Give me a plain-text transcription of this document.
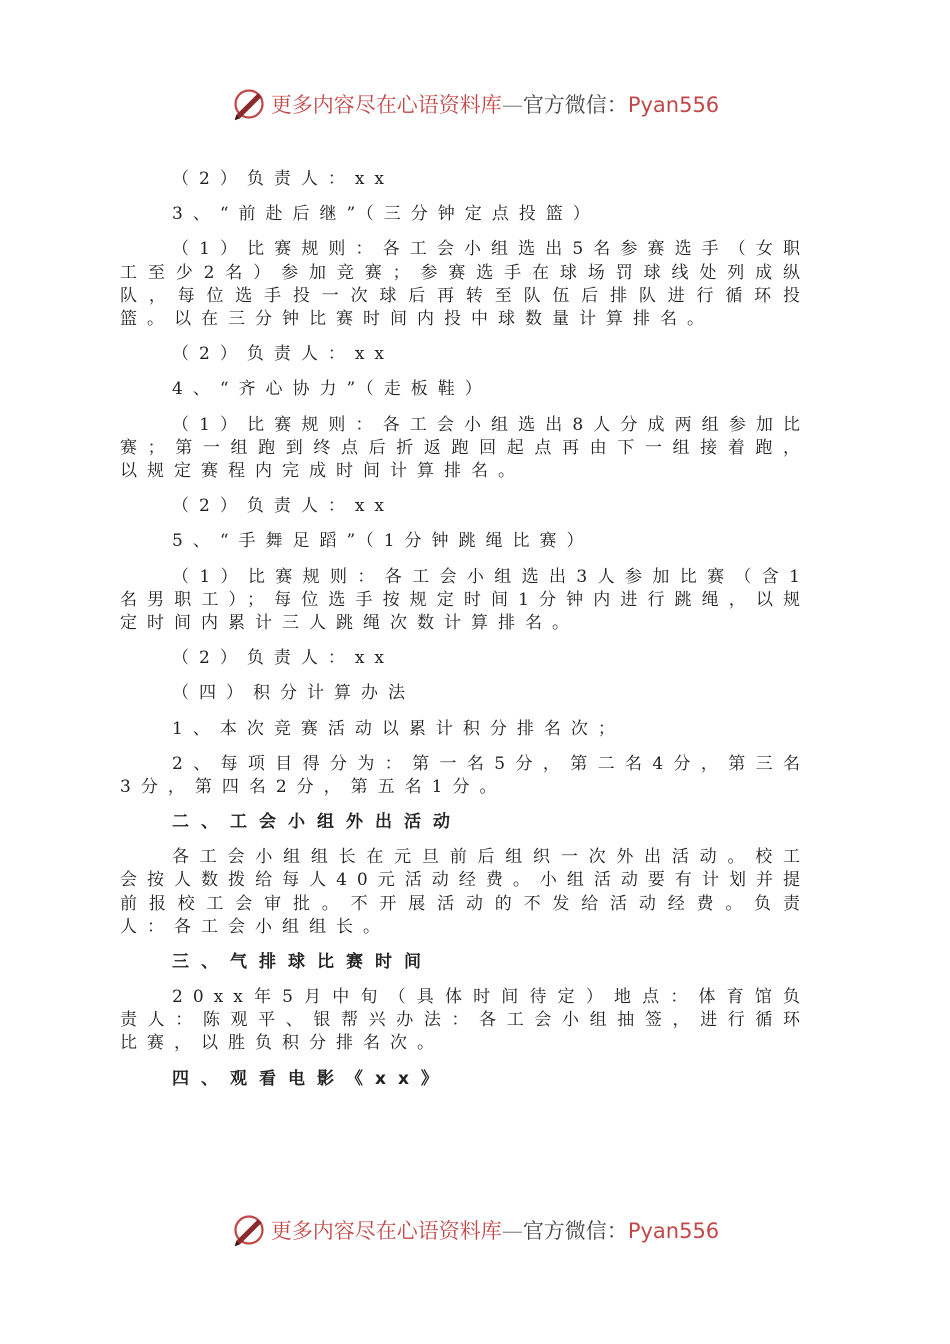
更多内容尽在心语资料库—官方微信：Pyan556
（2）负责人：xx
3、“前赴后继”（三分钟定点投篮）
（1）比赛规则：各工会小组选出5名参赛选手（女职工至少2名）参加竞赛；参赛选手在球场罚球线处列成纵队，每位选手投一次球后再转至队伍后排队进行循环投篮。以在三分钟比赛时间内投中球数量计算排名。
（2）负责人：xx
4、“齐心协力”（走板鞋）
（1）比赛规则：各工会小组选出8人分成两组参加比赛；第一组跑到终点后折返跑回起点再由下一组接着跑，以规定赛程内完成时间计算排名。
（2）负责人：xx
5、“手舞足蹈”（1分钟跳绳比赛）
（1）比赛规则：各工会小组选出3人参加比赛（含1名男职工）；每位选手按规定时间1分钟内进行跳绳，以规定时间内累计三人跳绳次数计算排名。
（2）负责人：xx
（四）积分计算办法
1、本次竞赛活动以累计积分排名次；
2、每项目得分为：第一名5分，第二名4分，第三名3分，第四名2分，第五名1分。
二、工会小组外出活动
各工会小组组长在元旦前后组织一次外出活动。校工会按人数拨给每人40元活动经费。小组活动要有计划并提前报校工会审批。不开展活动的不发给活动经费。负责人：各工会小组组长。
三、气排球比赛时间
20xx年5月中旬（具体时间待定）地点：体育馆负责人：陈观平、银帮兴办法：各工会小组抽签，进行循环比赛，以胜负积分排名次。
四、观看电影《xx》
更多内容尽在心语资料库—官方微信：Pyan556
